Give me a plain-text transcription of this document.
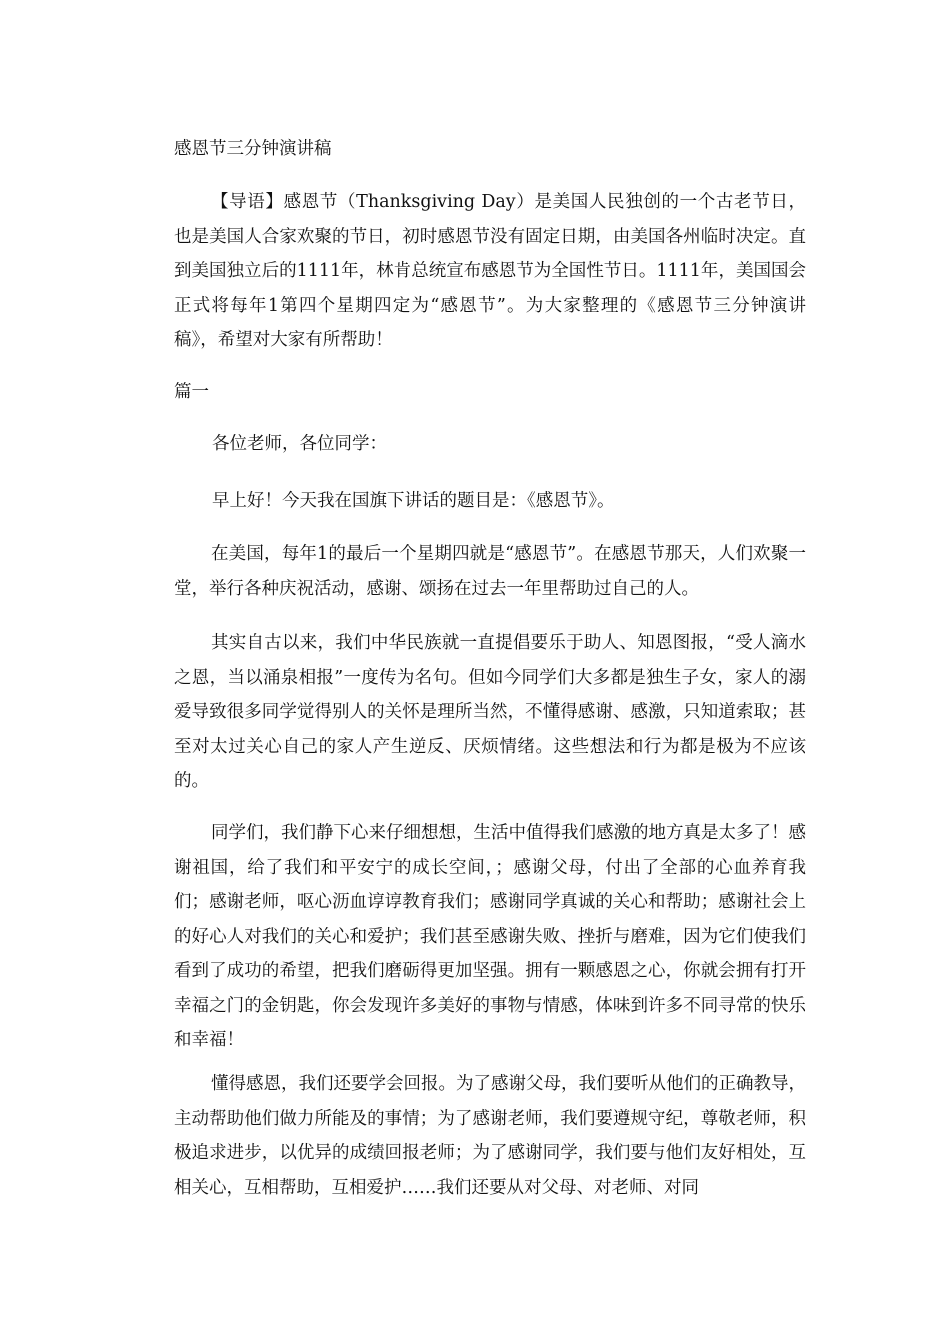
感恩节三分钟演讲稿

【导语】感恩节（Thanksgiving Day）是美国人民独创的一个古老节日，也是美国人合家欢聚的节日，初时感恩节没有固定日期，由美国各州临时决定。直到美国独立后的1111年，林肯总统宣布感恩节为全国性节日。1111年，美国国会正式将每年1第四个星期四定为“感恩节”。为大家整理的《感恩节三分钟演讲稿》，希望对大家有所帮助！

篇一
各位老师，各位同学：
早上好！今天我在国旗下讲话的题目是：《感恩节》。

在美国，每年1的最后一个星期四就是“感恩节”。在感恩节那天，人们欢聚一堂，举行各种庆祝活动，感谢、颂扬在过去一年里帮助过自己的人。

其实自古以来，我们中华民族就一直提倡要乐于助人、知恩图报，“受人滴水之恩，当以涌泉相报”一度传为名句。但如今同学们大多都是独生子女，家人的溺爱导致很多同学觉得别人的关怀是理所当然，不懂得感谢、感激，只知道索取；甚至对太过关心自己的家人产生逆反、厌烦情绪。这些想法和行为都是极为不应该的。

同学们，我们静下心来仔细想想，生活中值得我们感激的地方真是太多了！感谢祖国，给了我们和平安宁的成长空间，；感谢父母，付出了全部的心血养育我们；感谢老师，呕心沥血谆谆教育我们；感谢同学真诚的关心和帮助；感谢社会上的好心人对我们的关心和爱护；我们甚至感谢失败、挫折与磨难，因为它们使我们看到了成功的希望，把我们磨砺得更加坚强。拥有一颗感恩之心，你就会拥有打开幸福之门的金钥匙，你会发现许多美好的事物与情感，体味到许多不同寻常的快乐和幸福！

懂得感恩，我们还要学会回报。为了感谢父母，我们要听从他们的正确教导，主动帮助他们做力所能及的事情；为了感谢老师，我们要遵规守纪，尊敬老师，积极追求进步，以优异的成绩回报老师；为了感谢同学，我们要与他们友好相处，互相关心，互相帮助，互相爱护……我们还要从对父母、对老师、对同
